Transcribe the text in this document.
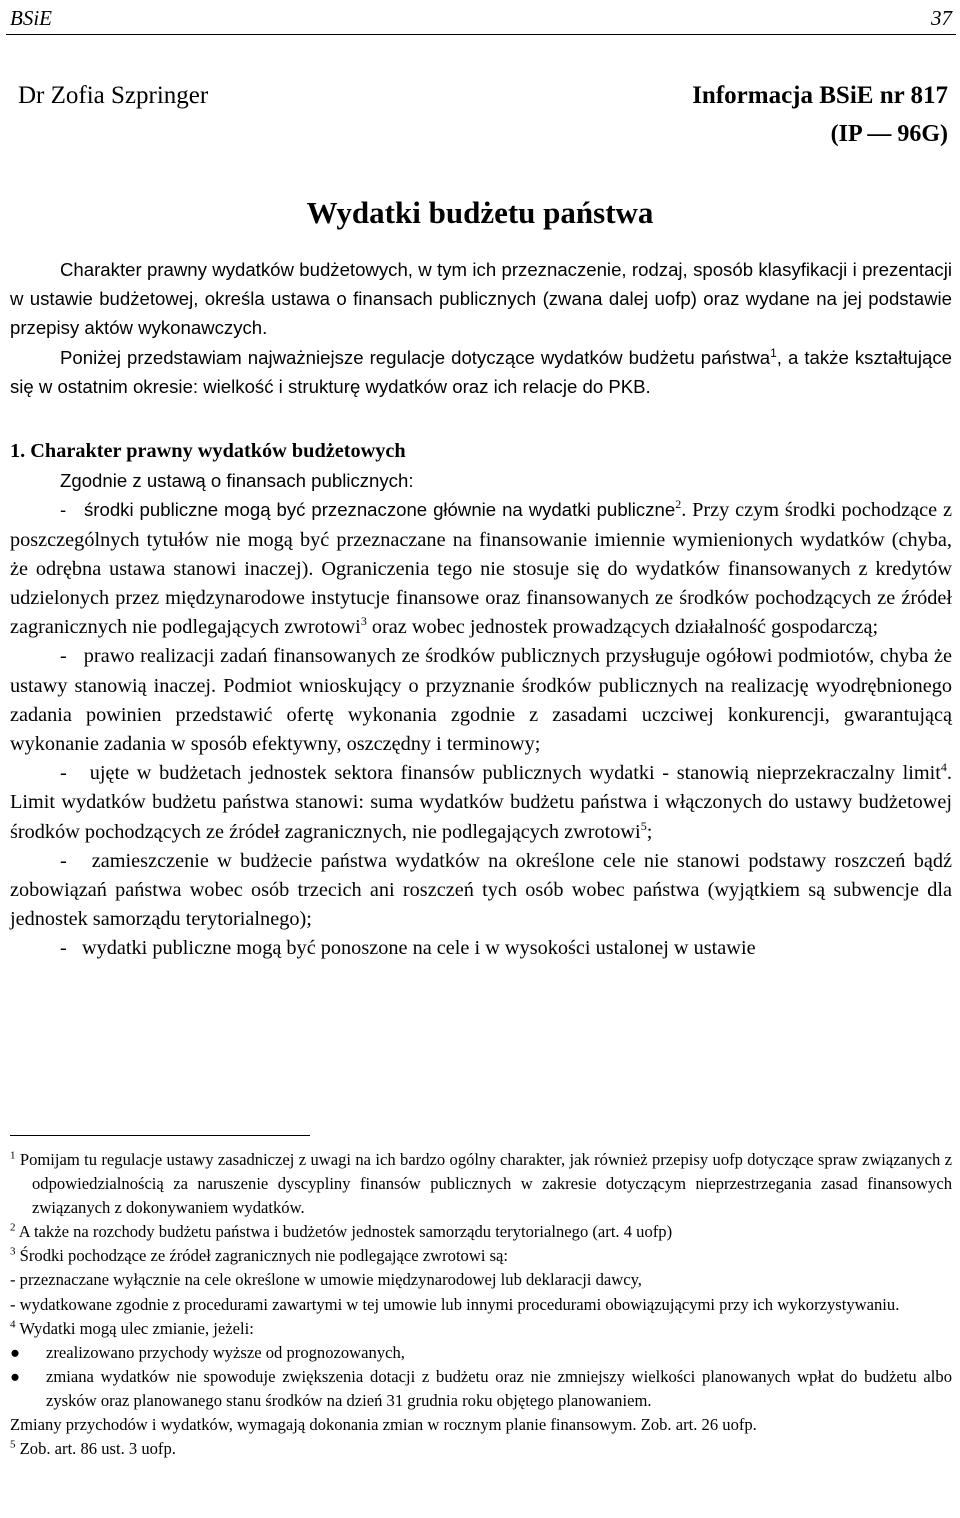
BSiE	37
Dr Zofia Szpringer	Informacja BSiE nr 817
(IP — 96G)
Wydatki budżetu państwa

Charakter prawny wydatków budżetowych, w tym ich przeznaczenie, rodzaj, sposób klasyfikacji i prezentacji w ustawie budżetowej, określa ustawa o finansach publicznych (zwana dalej uofp) oraz wydane na jej podstawie przepisy aktów wykonawczych.

Poniżej przedstawiam najważniejsze regulacje dotyczące wydatków budżetu państwa$^1$, a także kształtujące się w ostatnim okresie: wielkość i strukturę wydatków oraz ich relacje do PKB.

1. Charakter prawny wydatków budżetowych

Zgodnie z ustawą o finansach publicznych:

-   środki publiczne mogą być przeznaczone głównie na wydatki publiczne$^2$. Przy czym środki pochodzące z poszczególnych tytułów nie mogą być przeznaczane na finansowanie imiennie wymienionych wydatków (chyba, że odrębna ustawa stanowi inaczej). Ograniczenia tego nie stosuje się do wydatków finansowanych z kredytów udzielonych przez międzynarodowe instytucje finansowe oraz finansowanych ze środków pochodzących ze źródeł zagranicznych nie podlegających zwrotowi$^3$ oraz wobec jednostek prowadzących działalność gospodarczą;

-   prawo realizacji zadań finansowanych ze środków publicznych przysługuje ogółowi podmiotów, chyba że ustawy stanowią inaczej. Podmiot wnioskujący o przyznanie środków publicznych na realizację wyodrębnionego zadania powinien przedstawić ofertę wykonania zgodnie z zasadami uczciwej konkurencji, gwarantującą wykonanie zadania w sposób efektywny, oszczędny i terminowy;

-   ujęte w budżetach jednostek sektora finansów publicznych wydatki - stanowią nieprzekraczalny limit$^4$. Limit wydatków budżetu państwa stanowi: suma wydatków budżetu państwa i włączonych do ustawy budżetowej środków pochodzących ze źródeł zagranicznych, nie podlegających zwrotowi$^5$;

-   zamieszczenie w budżecie państwa wydatków na określone cele nie stanowi podstawy roszczeń bądź zobowiązań państwa wobec osób trzecich ani roszczeń tych osób wobec państwa (wyjątkiem są subwencje dla jednostek samorządu terytorialnego);

-   wydatki publiczne mogą być ponoszone na cele i w wysokości ustalonej w ustawie

$^1$ Pomijam tu regulacje ustawy zasadniczej z uwagi na ich bardzo ogólny charakter, jak również przepisy uofp dotyczące spraw związanych z odpowiedzialnością za naruszenie dyscypliny finansów publicznych w zakresie dotyczącym nieprzestrzegania zasad finansowych związanych z dokonywaniem wydatków.

$^2$ A także na rozchody budżetu państwa i budżetów jednostek samorządu terytorialnego (art. 4 uofp)

$^3$ Środki pochodzące ze źródeł zagranicznych nie podlegające zwrotowi są:

- przeznaczane wyłącznie na cele określone w umowie międzynarodowej lub deklaracji dawcy,

- wydatkowane zgodnie z procedurami zawartymi w tej umowie lub innymi procedurami obowiązującymi przy ich wykorzystywaniu.

$^4$ Wydatki mogą ulec zmianie, jeżeli:

● zrealizowano przychody wyższe od prognozowanych,

● zmiana wydatków nie spowoduje zwiększenia dotacji z budżetu oraz nie zmniejszy wielkości planowanych wpłat do budżetu albo zysków oraz planowanego stanu środków na dzień 31 grudnia roku objętego planowaniem.

Zmiany przychodów i wydatków, wymagają dokonania zmian w rocznym planie finansowym. Zob. art. 26 uofp.

$^5$ Zob. art. 86 ust. 3 uofp.
